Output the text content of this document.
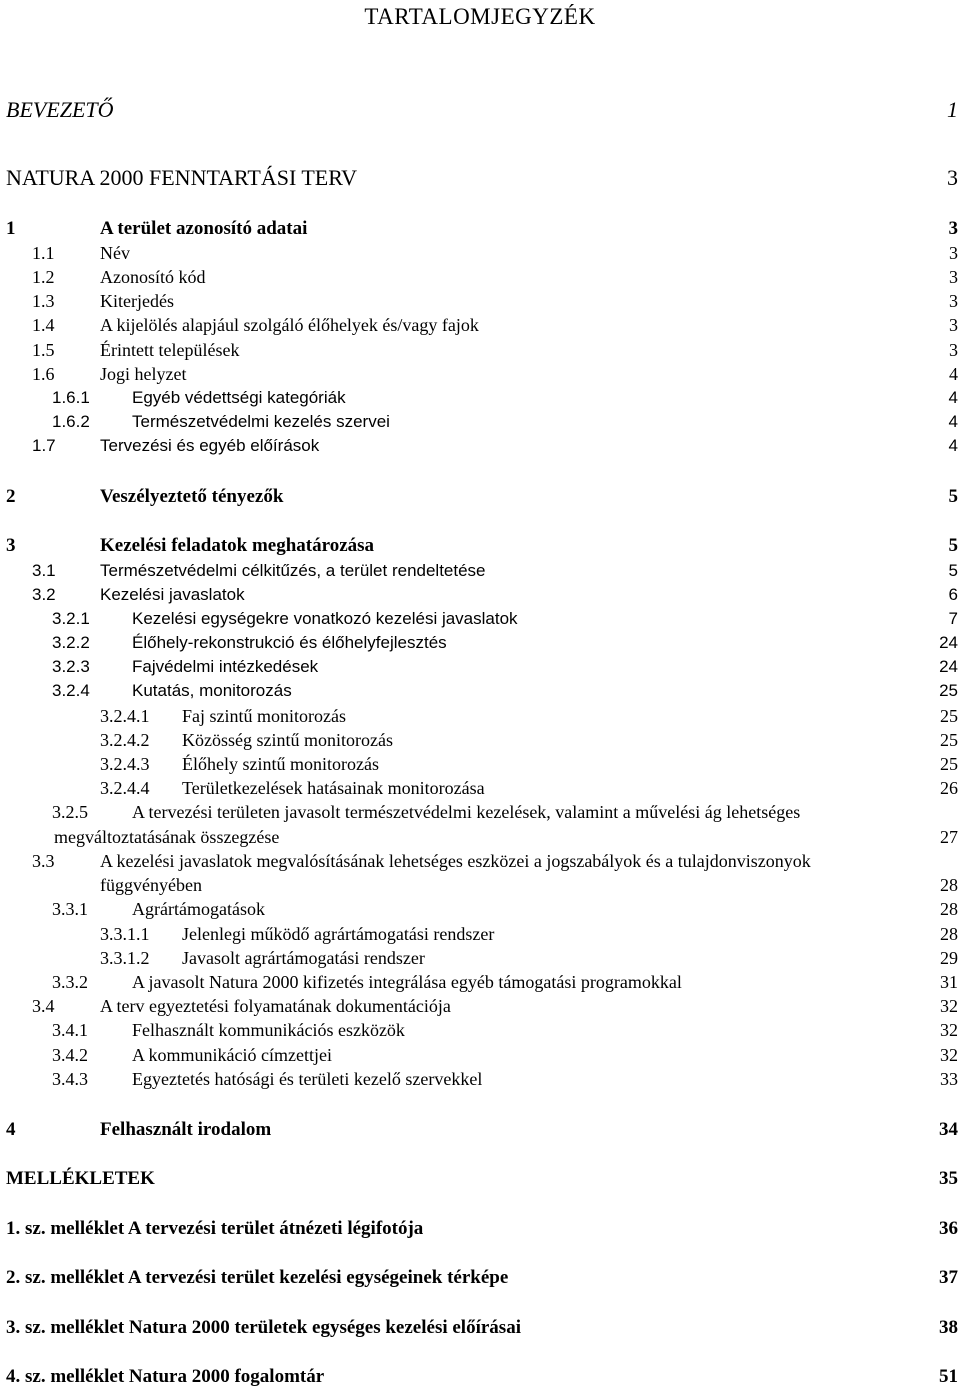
TARTALOMJEGYZÉK
BEVEZETŐ	1
NATURA 2000 FENNTARTÁSI TERV	3
1	A terület azonosító adatai	3
1.1	Név	3
1.2	Azonosító kód	3
1.3	Kiterjedés	3
1.4	A kijelölés alapjául szolgáló élőhelyek és/vagy fajok	3
1.5	Érintett települések	3
1.6	Jogi helyzet	4
1.6.1 Egyéb védettségi kategóriák	4
1.6.2 Természetvédelmi kezelés szervei	4
1.7	Tervezési és egyéb előírások	4
2	Veszélyeztető tényezők	5
3	Kezelési feladatok meghatározása	5
3.1	Természetvédelmi célkitűzés, a terület rendeltetése	5
3.2	Kezelési javaslatok	6
3.2.1 Kezelési egységekre vonatkozó kezelési javaslatok	7
3.2.2 Élőhely-rekonstrukció és élőhelyfejlesztés	24
3.2.3 Fajvédelmi intézkedések	24
3.2.4 Kutatás, monitorozás	25
3.2.4.1 Faj szintű monitorozás	25
3.2.4.2 Közösség szintű monitorozás	25
3.2.4.3 Élőhely szintű monitorozás	25
3.2.4.4 Területkezelések hatásainak monitorozása	26
3.2.5 A tervezési területen javasolt természetvédelmi kezelések, valamint a művelési ág lehetséges
megváltoztatásának összegzése	27
3.3	A kezelési javaslatok megvalósításának lehetséges eszközei a jogszabályok és a tulajdonviszonyok
függvényében	28
3.3.1 Agrártámogatások	28
3.3.1.1 Jelenlegi működő agrártámogatási rendszer	28
3.3.1.2 Javasolt agrártámogatási rendszer	29
3.3.2 A javasolt Natura 2000 kifizetés integrálása egyéb támogatási programokkal	31
3.4	A terv egyeztetési folyamatának dokumentációja	32
3.4.1 Felhasznált kommunikációs eszközök	32
3.4.2 A kommunikáció címzettjei	32
3.4.3 Egyeztetés hatósági és területi kezelő szervekkel	33
4	Felhasznált irodalom	34
MELLÉKLETEK	35
1. sz. melléklet A tervezési terület átnézeti légifotója	36
2. sz. melléklet A tervezési terület kezelési egységeinek térképe	37
3. sz. melléklet Natura 2000 területek egységes kezelési előírásai	38
4. sz. melléklet Natura 2000 fogalomtár	51
